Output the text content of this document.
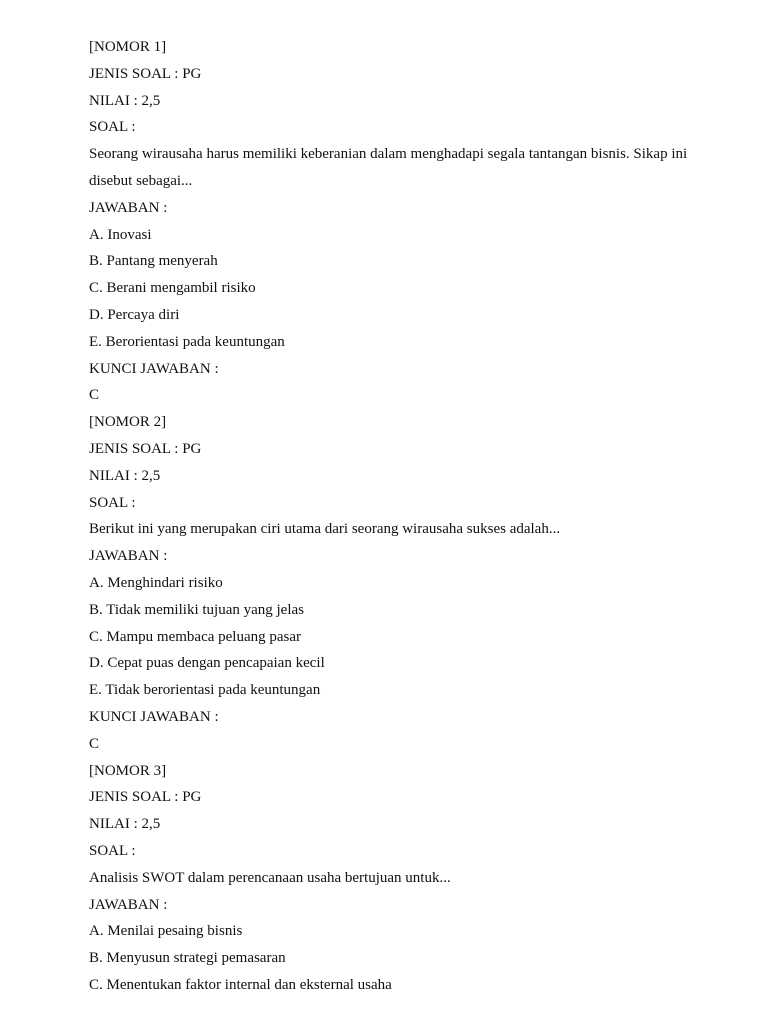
[NOMOR 1]

JENIS SOAL : PG

NILAI : 2,5

SOAL :

Seorang wirausaha harus memiliki keberanian dalam menghadapi segala tantangan bisnis. Sikap ini disebut sebagai...

JAWABAN :

A. Inovasi
B. Pantang menyerah
C. Berani mengambil risiko
D. Percaya diri
E. Berorientasi pada keuntungan

KUNCI JAWABAN :

C

[NOMOR 2]

JENIS SOAL : PG

NILAI : 2,5

SOAL :

Berikut ini yang merupakan ciri utama dari seorang wirausaha sukses adalah...

JAWABAN :

A. Menghindari risiko
B. Tidak memiliki tujuan yang jelas
C. Mampu membaca peluang pasar
D. Cepat puas dengan pencapaian kecil
E. Tidak berorientasi pada keuntungan

KUNCI JAWABAN :

C

[NOMOR 3]

JENIS SOAL : PG

NILAI : 2,5

SOAL :

Analisis SWOT dalam perencanaan usaha bertujuan untuk...

JAWABAN :

A. Menilai pesaing bisnis
B. Menyusun strategi pemasaran
C. Menentukan faktor internal dan eksternal usaha
